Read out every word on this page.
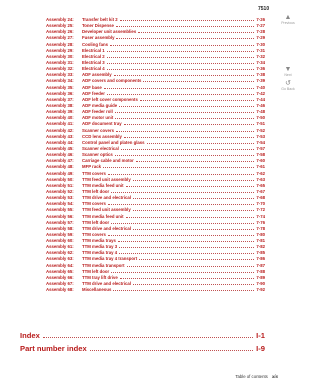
7510
▲
Previous
▼
Next
↺
Go Back
Assembly 24:	Transfer belt kit 2	7-26
Assembly 25:	Toner Dispense	7-27
Assembly 26:	Developer unit assemblies	7-28
Assembly 27:	Fuser assembly	7-29
Assembly 28:	Cooling fans	7-30
Assembly 29:	Electrical 1	7-31
Assembly 30:	Electrical 2	7-32
Assembly 31:	Electrical 3	7-34
Assembly 32:	Electrical 4	7-36
Assembly 33:	ADF assembly	7-38
Assembly 34:	ADF covers and components	7-39
Assembly 35:	ADF base	7-40
Assembly 36:	ADF feeder	7-42
Assembly 37:	ADF left cover components	7-44
Assembly 38:	ADF media guide	7-46
Assembly 39:	ADF feeder roll	7-48
Assembly 40:	ADF motor unit	7-50
Assembly 41:	ADF document tray	7-51
Assembly 42:	Scanner covers	7-52
Assembly 43:	CCD lens assembly	7-53
Assembly 44:	Control panel and platen glass	7-54
Assembly 45:	Scanner electrical	7-57
Assembly 46:	Scanner optics	7-58
Assembly 47:	Carriage cable and motor	7-60
Assembly 48:	MFP rack	7-61
Assembly 49:	TTM covers	7-62
Assembly 50:	TTM feed unit assembly	7-63
Assembly 51:	TTM media feed unit	7-65
Assembly 52:	TTM left door	7-67
Assembly 53:	TTM drive and electrical	7-68
Assembly 54:	TTM covers	7-70
Assembly 55:	TTM feed unit assembly	7-72
Assembly 56:	TTM media feed unit	7-74
Assembly 57:	TTM left door	7-76
Assembly 58:	TTM drive and electrical	7-78
Assembly 59:	TTM covers	7-80
Assembly 60:	TTM media trays	7-81
Assembly 61:	TTM media tray 3	7-82
Assembly 62:	TTM media tray 4	7-85
Assembly 63:	TTM media tray 4 transport	7-86
Assembly 64:	TTM media transport	7-87
Assembly 65:	TTM left door	7-88
Assembly 66:	TTM tray lift drive	7-89
Assembly 67:	TTM drive and electrical	7-90
Assembly 68:	Miscellaneous	7-92
Index	I-1
Part number index	I-9
Table of contents xix
